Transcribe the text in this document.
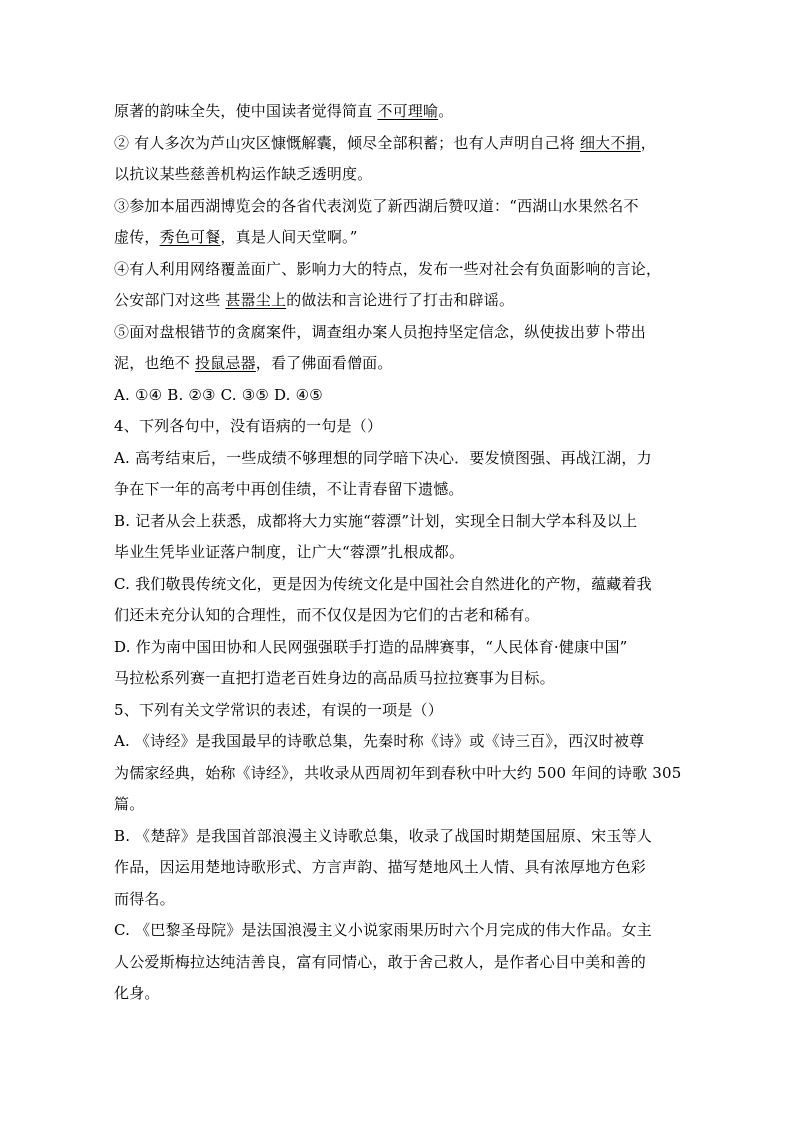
原著的韵味全失，使中国读者觉得简直 不可理喻。
② 有人多次为芦山灾区慷慨解囊，倾尽全部积蓄；也有人声明自己将 细大不捐，
以抗议某些慈善机构运作缺乏透明度。
③参加本届西湖博览会的各省代表浏览了新西湖后赞叹道：“西湖山水果然名不
虚传，秀色可餐，真是人间天堂啊。”
④有人利用网络覆盖面广、影响力大的特点，发布一些对社会有负面影响的言论，
公安部门对这些 甚嚣尘上的做法和言论进行了打击和辟谣。
⑤面对盘根错节的贪腐案件，调查组办案人员抱持坚定信念，纵使拔出萝卜带出
泥，也绝不 投鼠忌器，看了佛面看僧面。
A. ①④ B. ②③ C. ③⑤ D. ④⑤
4、下列各句中，没有语病的一句是（）
A. 高考结束后，一些成绩不够理想的同学暗下决心．要发愤图强、再战江湖，力
争在下一年的高考中再创佳绩，不让青春留下遗憾。
B. 记者从会上获悉，成都将大力实施“蓉漂”计划，实现全日制大学本科及以上
毕业生凭毕业证落户制度，让广大“蓉漂”扎根成都。
C. 我们敬畏传统文化，更是因为传统文化是中国社会自然进化的产物，蕴藏着我
们还未充分认知的合理性，而不仅仅是因为它们的古老和稀有。
D. 作为南中国田协和人民网强强联手打造的品牌赛事，“人民体育·健康中国”
马拉松系列赛一直把打造老百姓身边的高品质马拉拉赛事为目标。
5、下列有关文学常识的表述，有误的一项是（）
A. 《诗经》是我国最早的诗歌总集，先秦时称《诗》或《诗三百》，西汉时被尊
为儒家经典，始称《诗经》，共收录从西周初年到春秋中叶大约 500 年间的诗歌 305
篇。
B. 《楚辞》是我国首部浪漫主义诗歌总集，收录了战国时期楚国屈原、宋玉等人
作品，因运用楚地诗歌形式、方言声韵、描写楚地风土人情、具有浓厚地方色彩
而得名。
C. 《巴黎圣母院》是法国浪漫主义小说家雨果历时六个月完成的伟大作品。女主
人公爱斯梅拉达纯洁善良，富有同情心，敢于舍己救人，是作者心目中美和善的
化身。
